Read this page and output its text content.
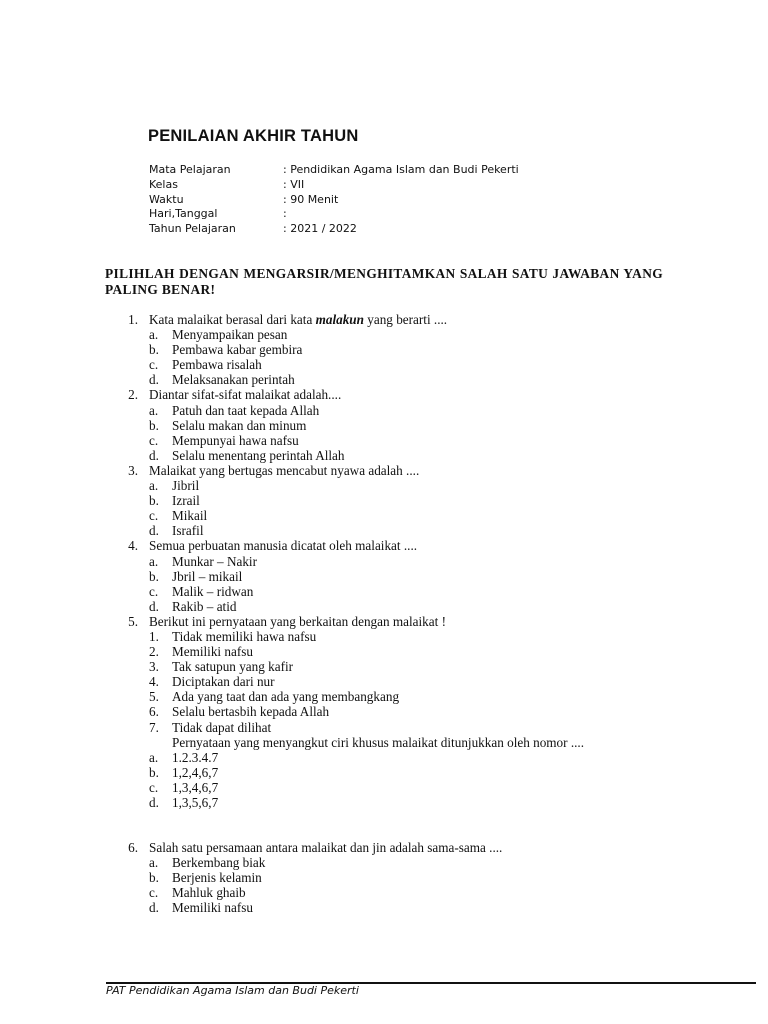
PENILAIAN AKHIR TAHUN
Mata Pelajaran	: Pendidikan Agama Islam dan Budi Pekerti
Kelas	: VII
Waktu	: 90 Menit
Hari,Tanggal	:
Tahun Pelajaran	: 2021 / 2022
PILIHLAH DENGAN MENGARSIR/MENGHITAMKAN SALAH SATU JAWABAN YANG PALING BENAR!
1. Kata malaikat berasal dari kata malakun yang berarti ....
a. Menyampaikan pesan
b. Pembawa kabar gembira
c. Pembawa risalah
d. Melaksanakan perintah
2. Diantar sifat-sifat malaikat adalah....
a. Patuh dan taat kepada Allah
b. Selalu makan dan minum
c. Mempunyai hawa nafsu
d. Selalu menentang perintah Allah
3. Malaikat yang bertugas mencabut nyawa adalah ....
a. Jibril
b. Izrail
c. Mikail
d. Israfil
4. Semua perbuatan manusia dicatat oleh malaikat ....
a. Munkar – Nakir
b. Jbril – mikail
c. Malik – ridwan
d. Rakib – atid
5. Berikut ini pernyataan yang berkaitan dengan malaikat !
1. Tidak memiliki hawa nafsu
2. Memiliki nafsu
3. Tak satupun yang kafir
4. Diciptakan dari nur
5. Ada yang taat dan ada yang membangkang
6. Selalu bertasbih kepada Allah
7. Tidak dapat dilihat
Pernyataan yang menyangkut ciri khusus malaikat ditunjukkan oleh nomor ....
a. 1.2.3.4.7
b. 1,2,4,6,7
c. 1,3,4,6,7
d. 1,3,5,6,7
6. Salah satu persamaan antara malaikat dan jin adalah sama-sama ....
a. Berkembang biak
b. Berjenis kelamin
c. Mahluk ghaib
d. Memiliki nafsu
PAT Pendidikan Agama Islam dan Budi Pekerti
